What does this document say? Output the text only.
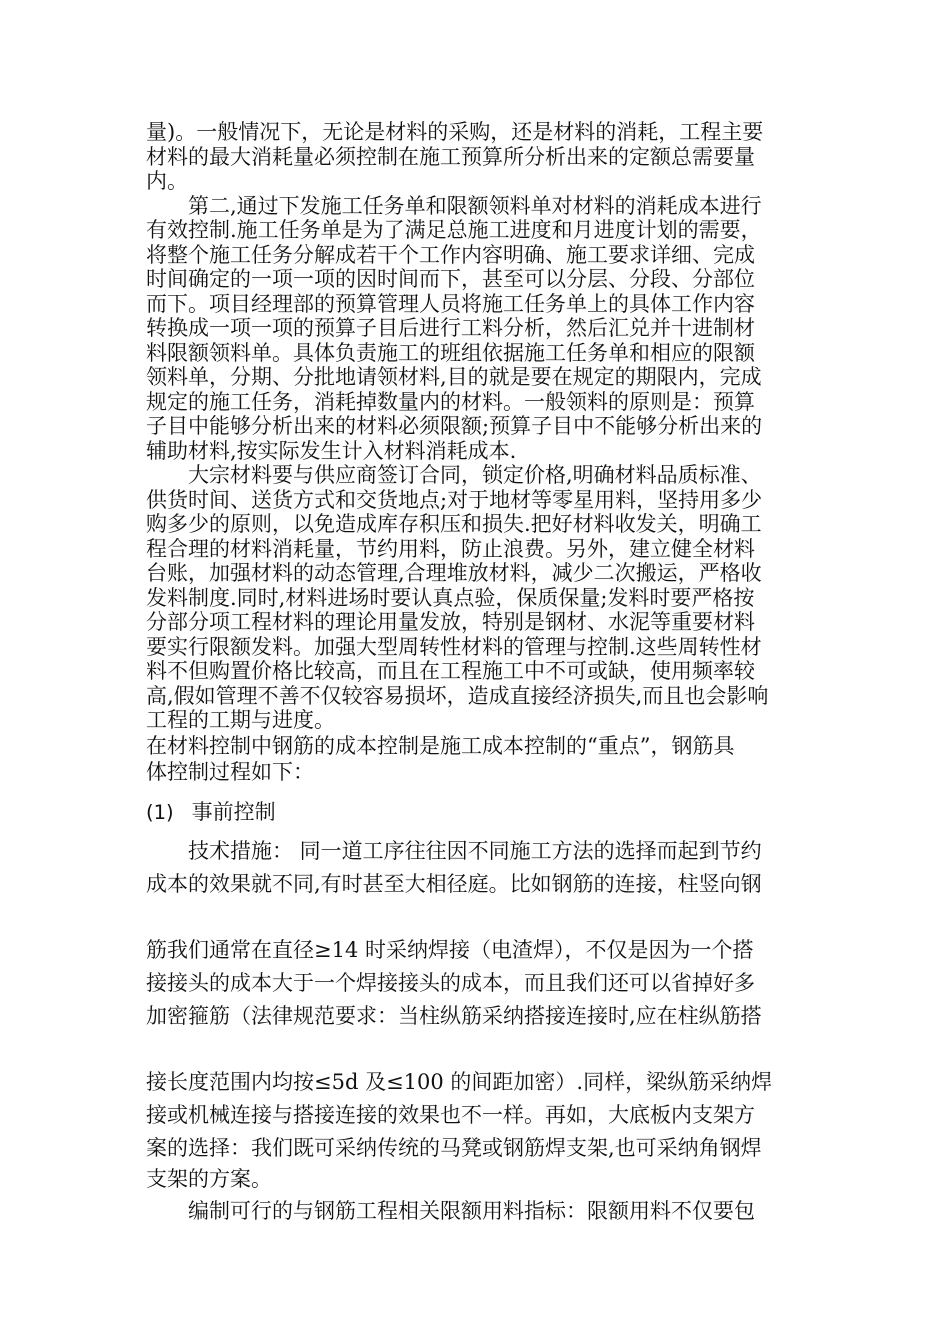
量)。一般情况下，无论是材料的采购，还是材料的消耗，工程主要
材料的最大消耗量必须控制在施工预算所分析出来的定额总需要量
内。
第二,通过下发施工任务单和限额领料单对材料的消耗成本进行
有效控制.施工任务单是为了满足总施工进度和月进度计划的需要，
将整个施工任务分解成若干个工作内容明确、施工要求详细、完成
时间确定的一项一项的因时间而下，甚至可以分层、分段、分部位
而下。项目经理部的预算管理人员将施工任务单上的具体工作内容
转换成一项一项的预算子目后进行工料分析，然后汇兑并十进制材
料限额领料单。具体负责施工的班组依据施工任务单和相应的限额
领料单，分期、分批地请领材料,目的就是要在规定的期限内，完成
规定的施工任务，消耗掉数量内的材料。一般领料的原则是：预算
子目中能够分析出来的材料必须限额;预算子目中不能够分析出来的
辅助材料,按实际发生计入材料消耗成本.
大宗材料要与供应商签订合同，锁定价格,明确材料品质标准、
供货时间、送货方式和交货地点;对于地材等零星用料，坚持用多少
购多少的原则，以免造成库存积压和损失.把好材料收发关，明确工
程合理的材料消耗量，节约用料，防止浪费。另外，建立健全材料
台账，加强材料的动态管理,合理堆放材料，减少二次搬运，严格收
发料制度.同时,材料进场时要认真点验，保质保量;发料时要严格按
分部分项工程材料的理论用量发放，特别是钢材、水泥等重要材料
要实行限额发料。加强大型周转性材料的管理与控制.这些周转性材
料不但购置价格比较高，而且在工程施工中不可或缺，使用频率较
高,假如管理不善不仅较容易损坏，造成直接经济损失,而且也会影响
工程的工期与进度。
在材料控制中钢筋的成本控制是施工成本控制的“重点”，钢筋具
体控制过程如下：
(1) 事前控制
技术措施： 同一道工序往往因不同施工方法的选择而起到节约
成本的效果就不同,有时甚至大相径庭。比如钢筋的连接，柱竖向钢
筋我们通常在直径≥14 时采纳焊接（电渣焊），不仅是因为一个搭
接接头的成本大于一个焊接接头的成本，而且我们还可以省掉好多
加密箍筋（法律规范要求：当柱纵筋采纳搭接连接时,应在柱纵筋搭
接长度范围内均按≤5d 及≤100 的间距加密）.同样，梁纵筋采纳焊
接或机械连接与搭接连接的效果也不一样。再如，大底板内支架方
案的选择：我们既可采纳传统的马凳或钢筋焊支架,也可采纳角钢焊
支架的方案。
编制可行的与钢筋工程相关限额用料指标：限额用料不仅要包
